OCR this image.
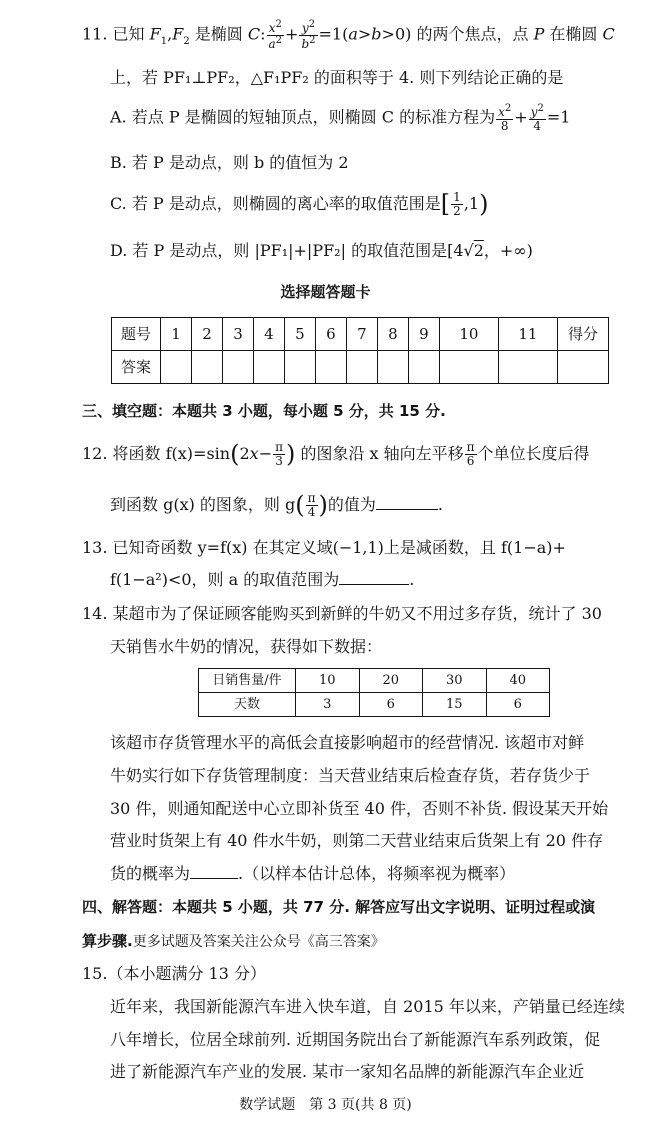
11. 已知 $F_1,F_2$ 是椭圆 C: $\frac{x^2}{a^2} + \frac{y^2}{b^2} =1(a>b>0)$ 的两个焦点，点 P 在椭圆 C
上，若 PF₁⊥PF₂，△F₁PF₂ 的面积等于 4. 则下列结论正确的是
A. 若点 P 是椭圆的短轴顶点，则椭圆 C 的标准方程为 $\frac{x^2}{8} + \frac{y^2}{4} =1$
B. 若 P 是动点，则 b 的值恒为 2
C. 若 P 是动点，则椭圆的离心率的取值范围是[ $\frac{1}{2} ,1$)
D. 若 P 是动点，则 |PF₁|+|PF₂| 的取值范围是[4√2，+∞)
选择题答题卡
题号	1	2	3	4	5	6	7	8	9	10	11	得分
答案												
三、填空题：本题共 3 小题，每小题 5 分，共 15 分.
12. 将函数 $f(x)=\sin(2x- \frac{\pi}{3}$ ) 的图象沿 x 轴向左平移 $\frac{\pi}{6}$ 个单位长度后得
到函数 g(x) 的图象，则 $g( \frac{\pi}{4}$ )的值为	.
13. 已知奇函数 y=f(x) 在其定义域(−1,1)上是减函数，且 f(1−a)+
f(1−a²)<0，则 a 的取值范围为	.
14. 某超市为了保证顾客能购买到新鲜的牛奶又不用过多存货，统计了 30
天销售水牛奶的情况，获得如下数据：
日销售量/件	10	20	30	40
天数	3	6	15	6
该超市存货管理水平的高低会直接影响超市的经营情况. 该超市对鲜
牛奶实行如下存货管理制度：当天营业结束后检查存货，若存货少于
30 件，则通知配送中心立即补货至 40 件，否则不补货. 假设某天开始
营业时货架上有 40 件水牛奶，则第二天营业结束后货架上有 20 件存
货的概率为	.（以样本估计总体，将频率视为概率）
四、解答题：本题共 5 小题，共 77 分. 解答应写出文字说明、证明过程或演
算步骤.更多试题及答案关注公众号《高三答案》
15.（本小题满分 13 分）
近年来，我国新能源汽车进入快车道，自 2015 年以来，产销量已经连续
八年增长，位居全球前列. 近期国务院出台了新能源汽车系列政策，促
进了新能源汽车产业的发展. 某市一家知名品牌的新能源汽车企业近
数学试题　第 3 页(共 8 页)
